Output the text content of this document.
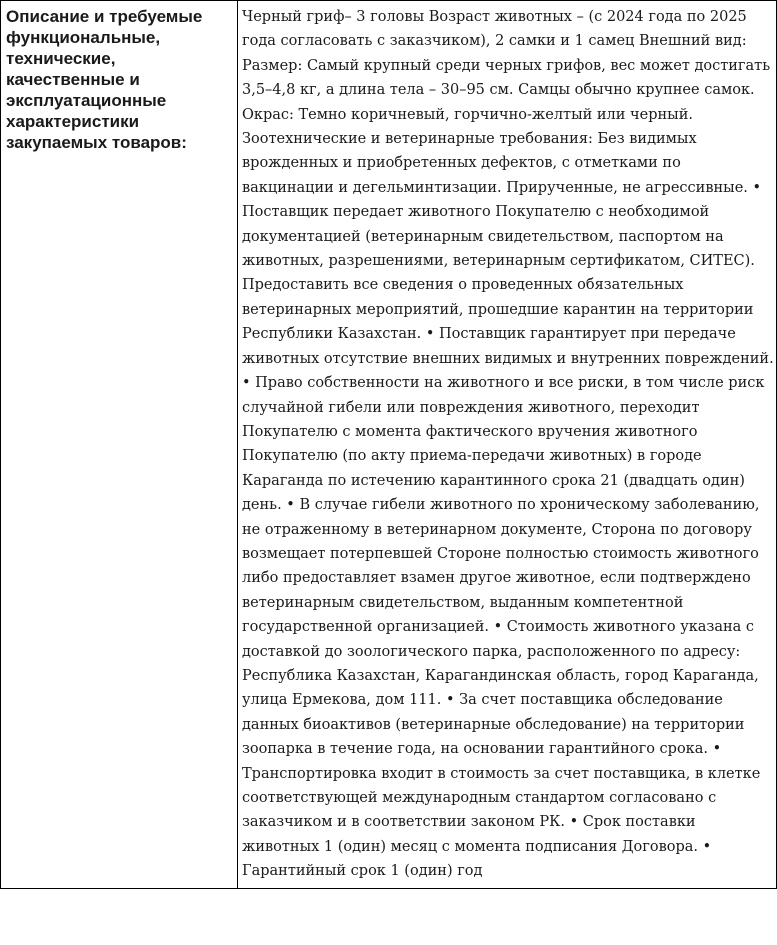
Описание и требуемые функциональные, технические, качественные и эксплуатационные характеристики закупаемых товаров:	

Черный гриф– 3 головы Возраст животных – (с 2024 года по 2025 года согласовать с заказчиком), 2 самки и 1 самец Внешний вид: Размер: Самый крупный среди черных грифов, вес может достигать 3,5–4,8 кг, а длина тела – 30–95 см. Самцы обычно крупнее самок. Окрас: Темно коричневый, горчично-желтый или черный. Зоотехнические и ветеринарные требования: Без видимых врожденных и приобретенных дефектов, с отметками по вакцинации и дегельминтизации. Прирученные, не агрессивные. • Поставщик передает животного Покупателю с необходимой документацией (ветеринарным свидетельством, паспортом на животных, разрешениями, ветеринарным сертификатом, СИТЕС). Предоставить все сведения о проведенных обязательных ветеринарных мероприятий, прошедшие карантин на территории Республики Казахстан. • Поставщик гарантирует при передаче животных отсутствие внешних видимых и внутренних повреждений. • Право собственности на животного и все риски, в том числе риск случайной гибели или повреждения животного, переходит Покупателю с момента фактического вручения животного Покупателю (по акту приема-передачи животных) в городе Караганда по истечению карантинного срока 21 (двадцать один) день. • В случае гибели животного по хроническому заболеванию, не отраженному в ветеринарном документе, Сторона по договору возмещает потерпевшей Стороне полностью стоимость животного либо предоставляет взамен другое животное, если подтверждено ветеринарным свидетельством, выданным компетентной государственной организацией. • Стоимость животного указана с доставкой до зоологического парка, расположенного по адресу: Республика Казахстан, Карагандинская область, город Караганда, улица Ермекова, дом 111. • За счет поставщика обследование данных биоактивов (ветеринарные обследование) на территории зоопарка в течение года, на основании гарантийного срока. • Транспортировка входит в стоимость за счет поставщика, в клетке соответствующей международным стандартом согласовано с заказчиком и в соответствии законом РК. • Срок поставки животных 1 (один) месяц с момента подписания Договора. • Гарантийный срок 1 (один) год
